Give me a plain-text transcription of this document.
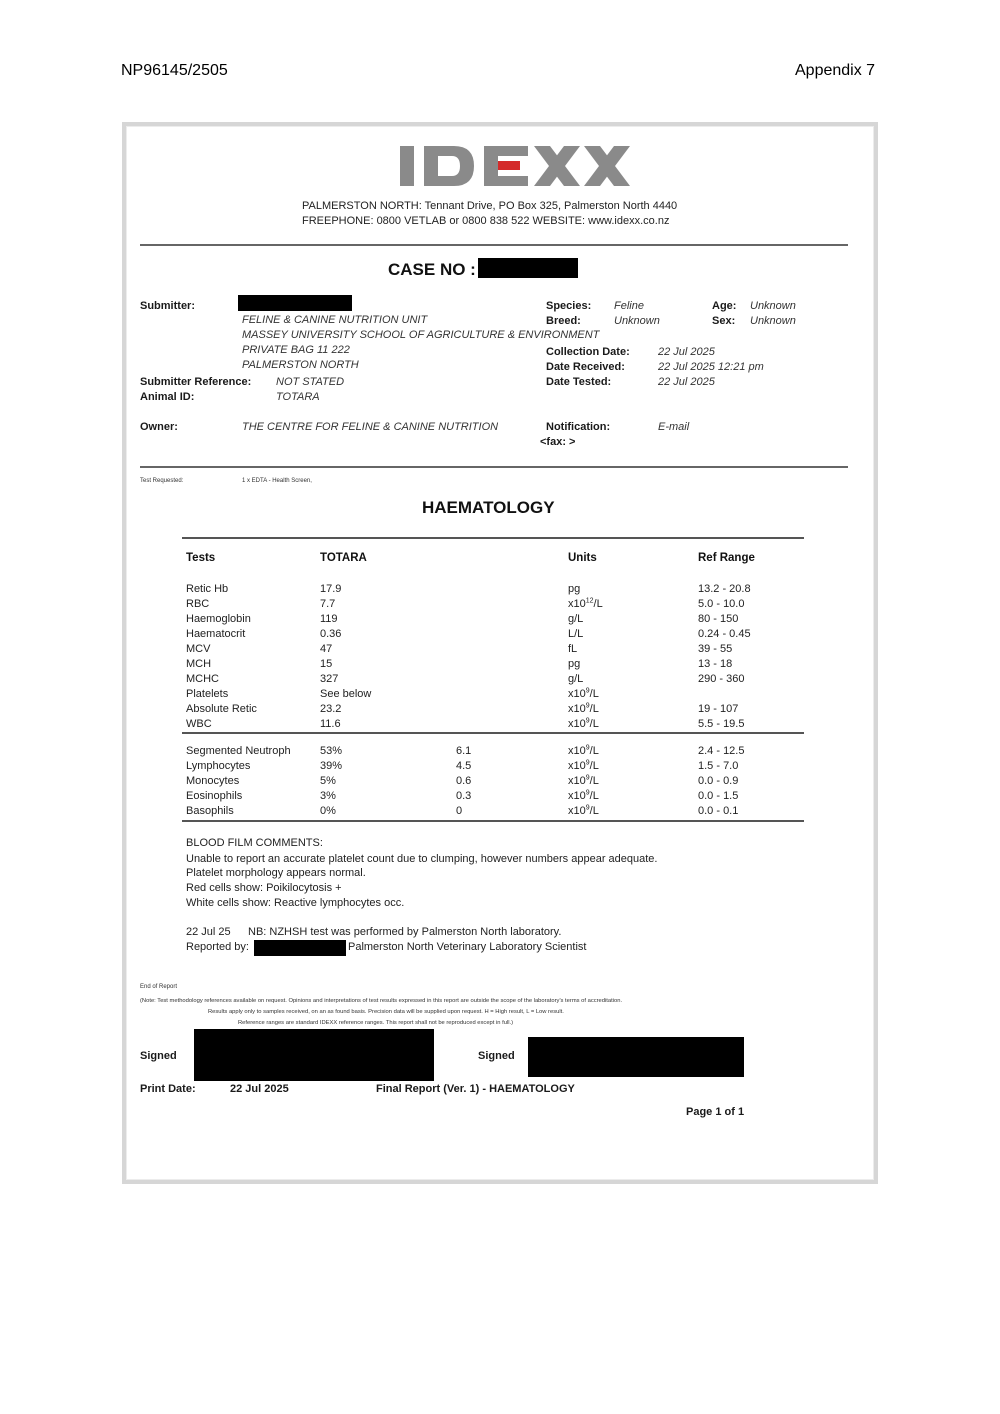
NP96145/2505	Appendix 7
PALMERSTON NORTH: Tennant Drive, PO Box 325, Palmerston North 4440
FREEPHONE: 0800 VETLAB or 0800 838 522 WEBSITE: www.idexx.co.nz
CASE NO :
Submitter:
FELINE & CANINE NUTRITION UNIT
MASSEY UNIVERSITY SCHOOL OF AGRICULTURE & ENVIRONMENT
PRIVATE BAG 11 222
PALMERSTON NORTH
Submitter Reference: NOT STATED
Animal ID:	TOTARA
Owner:	THE CENTRE FOR FELINE & CANINE NUTRITION
Species: Feline
Breed:	Unknown
Age: Unknown
Sex: Unknown
Collection Date:	22 Jul 2025
Date Received:	22 Jul 2025 12:21 pm
Date Tested:	22 Jul 2025
Notification:	E-mail
<fax: >
Test Requested:	1 x EDTA - Health Screen,
HAEMATOLOGY
Tests	TOTARA	Units	Ref Range
Retic Hb	17.9	pg	13.2 - 20.8
RBC	7.7	$x10^{12}/L$	5.0 - 10.0
Haemoglobin	119	g/L	80 - 150
Haematocrit	0.36	L/L	0.24 - 0.45
MCV	47	fL	39 - 55
MCH	15	pg	13 - 18
MCHC	327	g/L	290 - 360
Platelets	See below	$x10^9/L$
Absolute Retic	23.2	$x10^9/L$	19 - 107
WBC	11.6	$x10^9/L$	5.5 - 19.5
Segmented Neutroph	53%	6.1	$x10^9/L$	2.4 - 12.5
Lymphocytes	39%	4.5	$x10^9/L$	1.5 - 7.0
Monocytes	5%	0.6	$x10^9/L$	0.0 - 0.9
Eosinophils	3%	0.3	$x10^9/L$	0.0 - 1.5
Basophils	0%	0	$x10^9/L$	0.0 - 0.1
BLOOD FILM COMMENTS:
Unable to report an accurate platelet count due to clumping, however numbers appear adequate.
Platelet morphology appears normal.
Red cells show: Poikilocytosis +
White cells show: Reactive lymphocytes occ.
22 Jul 25 NB: NZHSH test was performed by Palmerston North laboratory.
Reported by:	Palmerston North Veterinary Laboratory Scientist
End of Report
(Note: Test methodology references available on request. Opinions and interpretations of test results expressed in this report are outside the scope of the laboratory's terms of accreditation.
Results apply only to samples received, on an as found basis. Precision data will be supplied upon request. H = High result, L = Low result.
Reference ranges are standard IDEXX reference ranges. This report shall not be reproduced except in full.)
Signed	Signed
Print Date:	22 Jul 2025	Final Report (Ver. 1) - HAEMATOLOGY
Page 1 of 1
